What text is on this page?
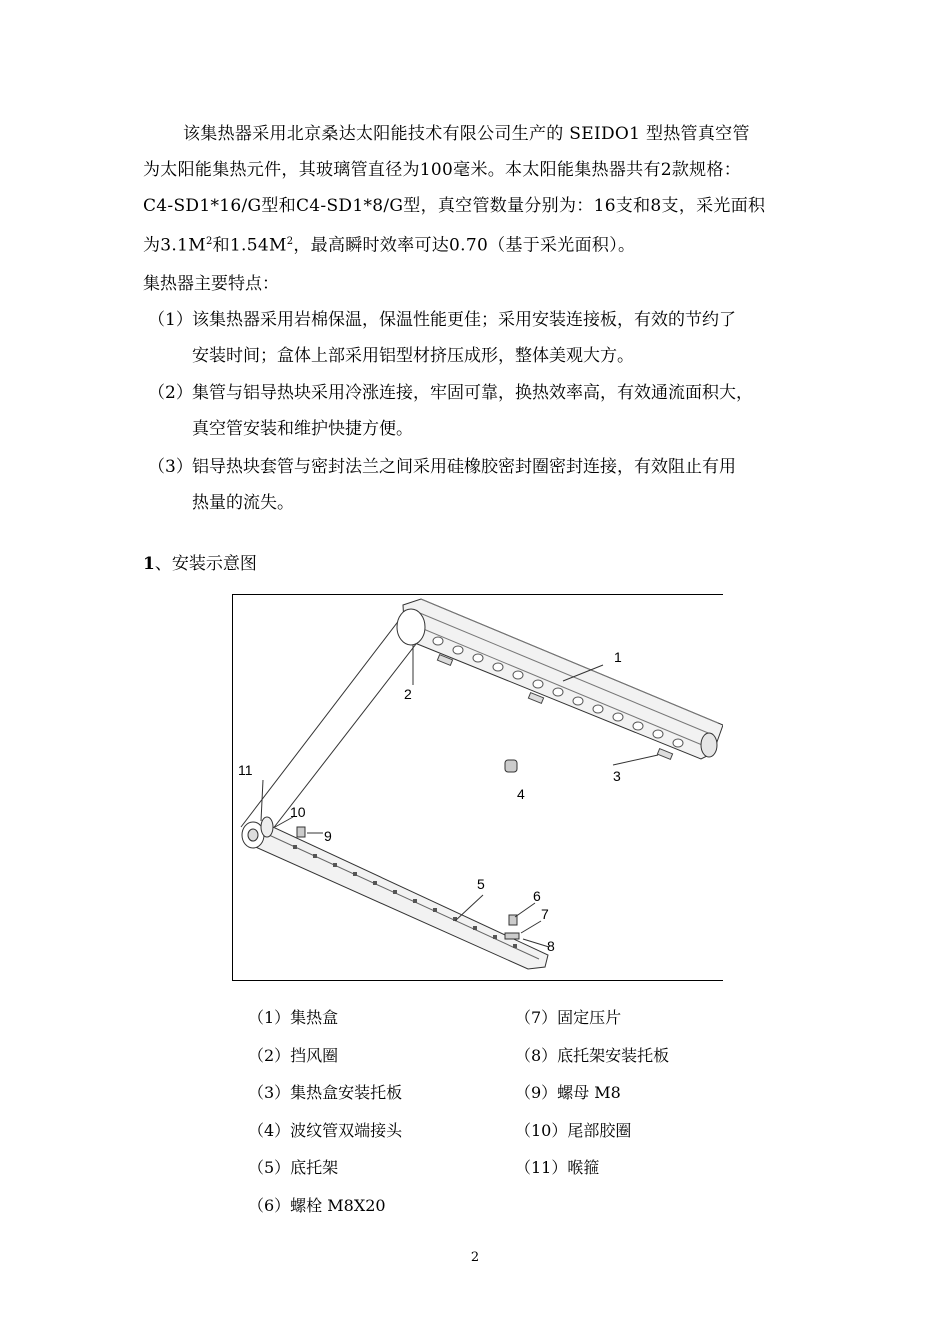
该集热器采用北京桑达太阳能技术有限公司生产的 SEIDO1 型热管真空管
为太阳能集热元件，其玻璃管直径为100毫米。本太阳能集热器共有2款规格：
C4-SD1*16/G型和C4-SD1*8/G型，真空管数量分别为：16支和8支，采光面积
为$3.1M^2$和$1.54M^2$，最高瞬时效率可达0.70（基于采光面积）。
集热器主要特点：
（1）该集热器采用岩棉保温，保温性能更佳；采用安装连接板，有效的节约了
安装时间；盒体上部采用铝型材挤压成形，整体美观大方。
（2）集管与铝导热块采用冷涨连接，牢固可靠，换热效率高，有效通流面积大，
真空管安装和维护快捷方便。
（3）铝导热块套管与密封法兰之间采用硅橡胶密封圈密封连接，有效阻止有用
热量的流失。
1、安装示意图
1
2
3
4
5
6
7
8
9
10
11
（1）集热盒
（2）挡风圈
（3）集热盒安装托板
（4）波纹管双端接头
（5）底托架
（6）螺栓 M8X20
（7）固定压片
（8）底托架安装托板
（9）螺母 M8
（10）尾部胶圈
（11）喉箍
2
